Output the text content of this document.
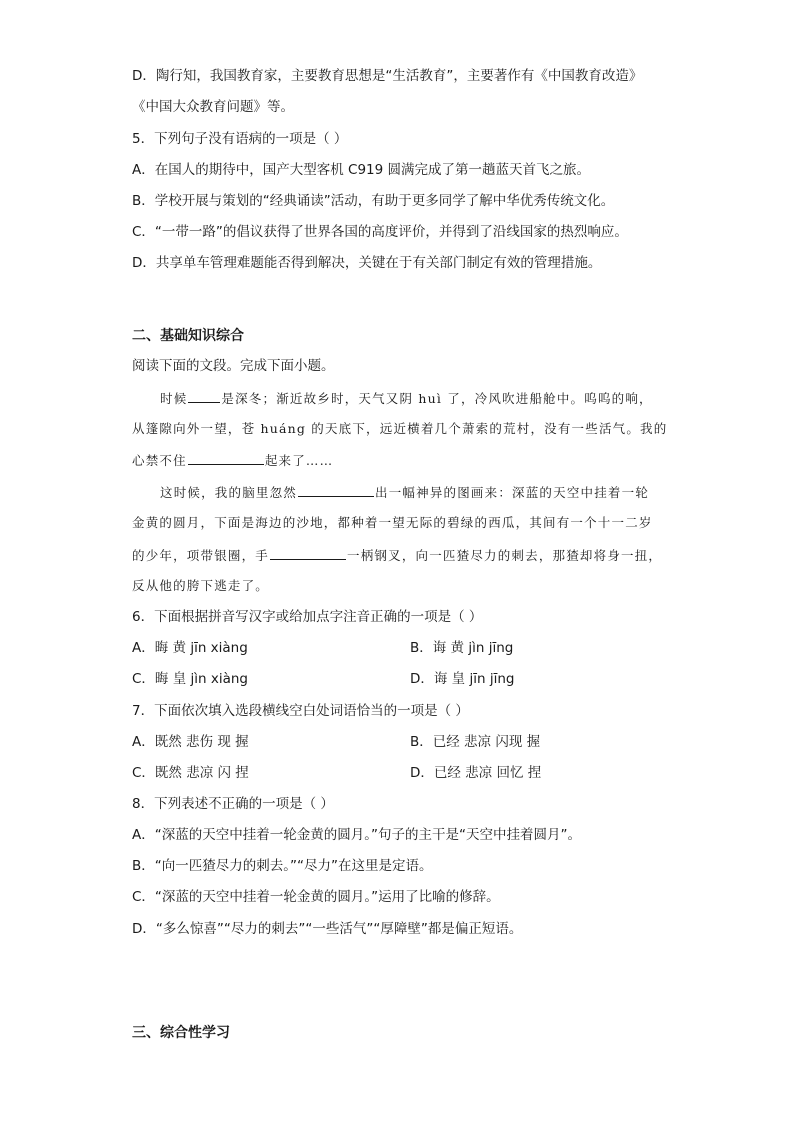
D．陶行知，我国教育家，主要教育思想是“生活教育”，主要著作有《中国教育改造》
《中国大众教育问题》等。
5．下列句子没有语病的一项是（ ）
A．在国人的期待中，国产大型客机 C919 圆满完成了第一趟蓝天首飞之旅。
B．学校开展与策划的“经典诵读”活动，有助于更多同学了解中华优秀传统文化。
C．“一带一路”的倡议获得了世界各国的高度评价，并得到了沿线国家的热烈响应。
D．共享单车管理难题能否得到解决，关键在于有关部门制定有效的管理措施。
二、基础知识综合
阅读下面的文段。完成下面小题。
时候	是深冬；渐近故乡时，天气又阴 huì 了，冷风吹进船舱中。呜呜的响，
从篷隙向外一望，苍 huáng 的天底下，远近横着几个萧索的荒村，没有一些活气。我的
心禁不住	起来了……
这时候，我的脑里忽然	出一幅神异的图画来：深蓝的天空中挂着一轮
金黄的圆月，下面是海边的沙地，都种着一望无际的碧绿的西瓜，其间有一个十一二岁
的少年，项带银圈，手	一柄钢叉，向一匹猹尽力的刺去，那猹却将身一扭，
反从他的胯下逃走了。
6．下面根据拼音写汉字或给加点字注音正确的一项是（ ）
A．晦 黄 jīn xiàng	B．诲 黄 jìn jīng
C．晦 皇 jìn xiàng	D．诲 皇 jīn jīng
7．下面依次填入选段横线空白处词语恰当的一项是（ ）
A．既然 悲伤 现 握	B．已经 悲凉 闪现 握
C．既然 悲凉 闪 捏	D．已经 悲凉 回忆 捏
8．下列表述不正确的一项是（ ）
A．“深蓝的天空中挂着一轮金黄的圆月。”句子的主干是“天空中挂着圆月”。
B．“向一匹猹尽力的刺去。”“尽力”在这里是定语。
C．“深蓝的天空中挂着一轮金黄的圆月。”运用了比喻的修辞。
D．“多么惊喜”“尽力的刺去”“一些活气”“厚障壁”都是偏正短语。
三、综合性学习
